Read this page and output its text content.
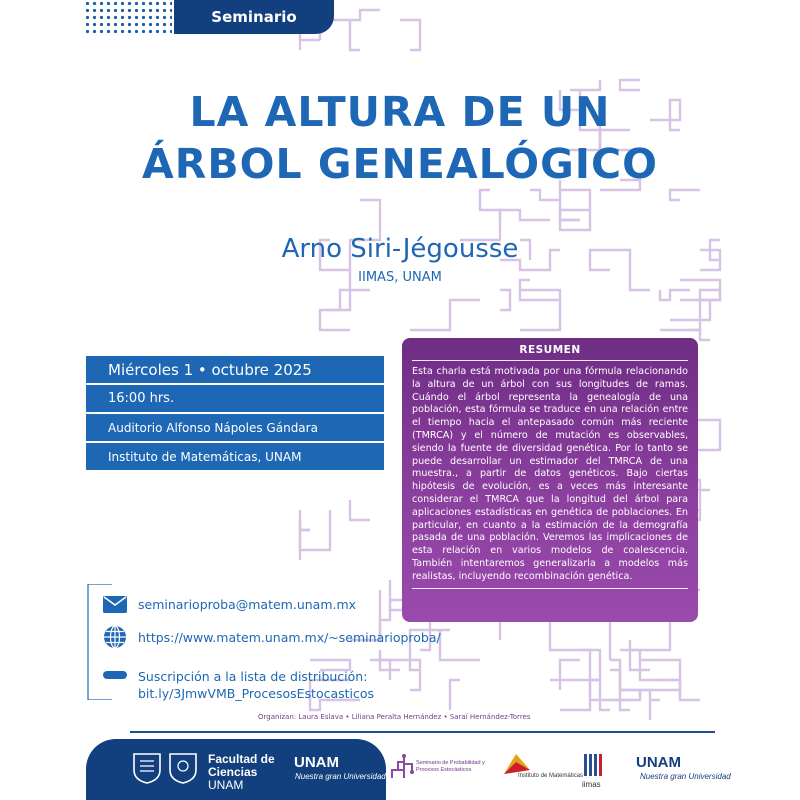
Seminario
LA ALTURA DE UN
ÁRBOL GENEALÓGICO
Arno Siri-Jégousse
IIMAS, UNAM
Miércoles 1 • octubre 2025
16:00 hrs.
Auditorio Alfonso Nápoles Gándara
Instituto de Matemáticas, UNAM
RESUMEN
Esta charla está motivada por una fórmula relacionando la altura de un árbol con sus longitudes de ramas. Cuándo el árbol representa la genealogía de una población, esta fórmula se traduce en una relación entre el tiempo hacia el antepasado común más reciente (TMRCA) y el número de mutación es observables, siendo la fuente de diversidad genética. Por lo tanto se puede desarrollar un estimador del TMRCA de una muestra., a partir de datos genéticos. Bajo ciertas hipótesis de evolución, es a veces más interesante considerar el TMRCA que la longitud del árbol para aplicaciones estadísticas en genética de poblaciones. En particular, en cuanto a la estimación de la demografía pasada de una población. Veremos las implicaciones de esta relación en varios modelos de coalescencia. También intentaremos generalizarla a modelos más realistas, incluyendo recombinación genética.
seminarioproba@matem.unam.mx
https://www.matem.unam.mx/~seminarioproba/
Suscripción a la lista de distribución:
bit.ly/3JmwVMB_ProcesosEstocasticos
Organizan: Laura Eslava • Liliana Peralta Hernández • Saraí Hernández-Torres
Facultad de
Ciencias
UNAM
UNAM
Nuestra gran Universidad
Seminario de Probabilidad y Procesos Estocásticos
Instituto de Matemáticas
iimas
UNAM
Nuestra gran Universidad
